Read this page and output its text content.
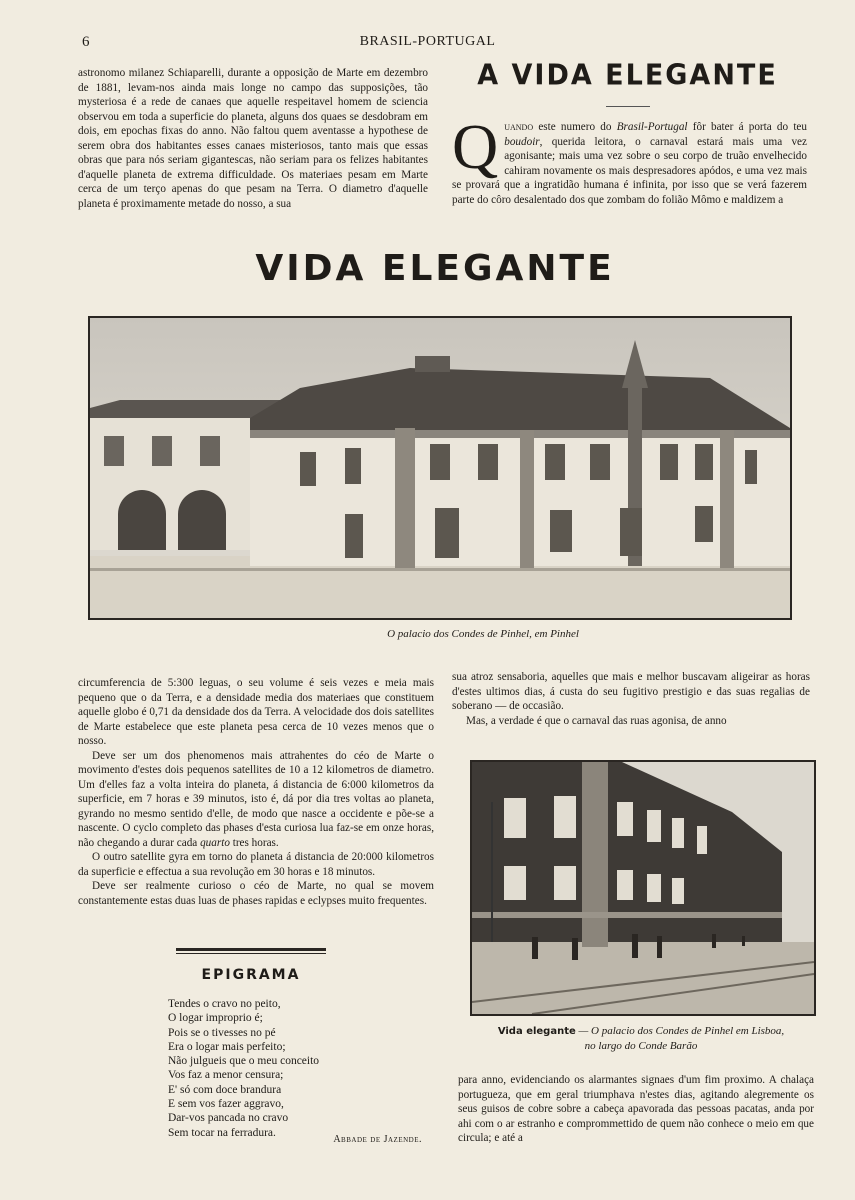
6	BRASIL-PORTUGAL

astronomo milanez Schiaparelli, durante a opposição de Marte em dezembro de 1881, levam-nos ainda mais longe no campo das supposições, tão mysteriosa é a rede de canaes que aquelle respeitavel homem de sciencia observou em toda a superficie do planeta, alguns dos quaes se desdobram em dois, em epochas fixas do anno. Não faltou quem aventasse a hypothese de serem obra dos habitantes esses canaes misteriosos, tanto mais que essas obras que para nós seriam gigantescas, não seriam para os felizes habitantes d'aquelle planeta de extrema difficuldade. Os materiaes pesam em Marte cerca de um terço apenas do que pesam na Terra. O diametro d'aquelle planeta é proximamente metade do nosso, a sua

A VIDA ELEGANTE

Quando este numero do Brasil-Portugal fôr bater á porta do teu boudoir, querida leitora, o carnaval estará mais uma vez agonisante; mais uma vez sobre o seu corpo de truão envelhecido cahiram novamente os mais despresadores apódos, e uma vez mais se provará que a ingratidão humana é infinita, por isso que se verá fazerem parte do côro desalentado dos que zombam do folião Mômo e maldizem a

VIDA ELEGANTE
O palacio dos Condes de Pinhel, em Pinhel

circumferencia de 5:300 leguas, o seu volume é seis vezes e meia mais pequeno que o da Terra, e a densidade media dos materiaes que constituem aquelle globo é 0,71 da densidade dos da Terra. A velocidade dos dois satellites de Marte estabelece que este planeta pesa cerca de 10 vezes menos que o nosso.

Deve ser um dos phenomenos mais attrahentes do céo de Marte o movimento d'estes dois pequenos satellites de 10 a 12 kilometros de diametro. Um d'elles faz a volta inteira do planeta, á distancia de 6:000 kilometros da superficie, em 7 horas e 39 minutos, isto é, dá por dia tres voltas ao planeta, gyrando no mesmo sentido d'elle, de modo que nasce a occidente e põe-se a nascente. O cyclo completo das phases d'esta curiosa lua faz-se em onze horas, não chegando a durar cada quarto tres horas.

O outro satellite gyra em torno do planeta á distancia de 20:000 kilometros da superficie e effectua a sua revolução em 30 horas e 18 minutos.

Deve ser realmente curioso o céo de Marte, no qual se movem constantemente estas duas luas de phases rapidas e eclypses muito frequentes.

EPIGRAMA
Tendes o cravo no peito,
O logar improprio é;
Pois se o tivesses no pé
Era o logar mais perfeito;
Não julgueis que o meu conceito
Vos faz a menor censura;
E' só com doce brandura
E sem vos fazer aggravo,
Dar-vos pancada no cravo
Sem tocar na ferradura.
Abbade de Jazende.

sua atroz sensaboria, aquelles que mais e melhor buscavam aligeirar as horas d'estes ultimos dias, á custa do seu fugitivo prestigio e das suas regalias de soberano — de occasião.

Mas, a verdade é que o carnaval das ruas agonisa, de anno

Vida elegante — O palacio dos Condes de Pinhel em Lisboa,
no largo do Conde Barão

para anno, evidenciando os alarmantes signaes d'um fim proximo. A chalaça portugueza, que em geral triumphava n'estes dias, agitando alegremente os seus guisos de cobre sobre a cabeça apavorada das pessoas pacatas, anda por ahi com o ar estranho e comprommettido de quem não conhece o meio em que circula; e até a
